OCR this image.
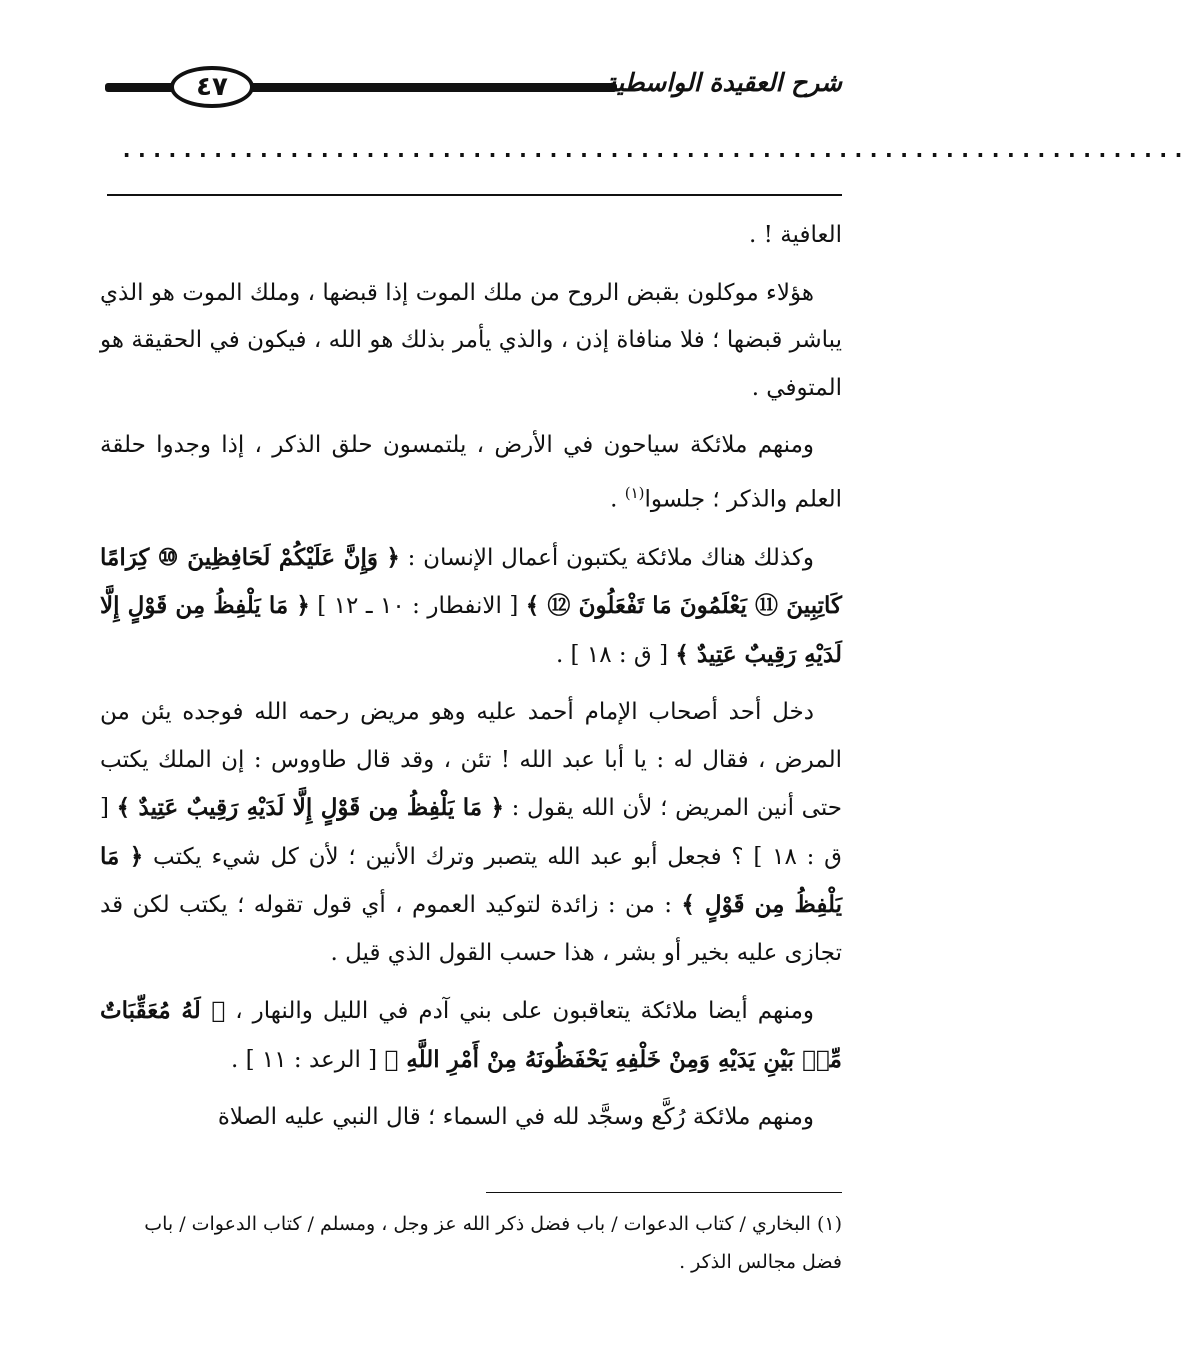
٤٧	شرح العقيدة الواسطية
......................................................................

العافية ! .

هؤلاء موكلون بقبض الروح من ملك الموت إذا قبضها ، وملك الموت هو الذي يباشر قبضها ؛ فلا منافاة إذن ، والذي يأمر بذلك هو الله ، فيكون في الحقيقة هو المتوفي .

ومنهم ملائكة سياحون في الأرض ، يلتمسون حلق الذكر ، إذا وجدوا حلقة العلم والذكر ؛ جلسوا$^{(١)}$ .

وكذلك هناك ملائكة يكتبون أعمال الإنسان : ﴿ وَإِنَّ عَلَيْكُمْ لَحَافِظِينَ ⑩ كِرَامًا كَاتِبِينَ ⑪ يَعْلَمُونَ مَا تَفْعَلُونَ ⑫ ﴾ [ الانفطار : ١٠ ـ ١٢ ] ﴿ مَا يَلْفِظُ مِن قَوْلٍ إِلَّا لَدَيْهِ رَقِيبٌ عَتِيدٌ ﴾ [ ق : ١٨ ] .

دخل أحد أصحاب الإمام أحمد عليه وهو مريض رحمه الله فوجده يئن من المرض ، فقال له : يا أبا عبد الله ! تئن ، وقد قال طاووس : إن الملك يكتب حتى أنين المريض ؛ لأن الله يقول : ﴿ مَا يَلْفِظُ مِن قَوْلٍ إِلَّا لَدَيْهِ رَقِيبٌ عَتِيدٌ ﴾ [ ق : ١٨ ] ؟ فجعل أبو عبد الله يتصبر وترك الأنين ؛ لأن كل شيء يكتب ﴿ مَا يَلْفِظُ مِن قَوْلٍ ﴾ : من : زائدة لتوكيد العموم ، أي قول تقوله ؛ يكتب لكن قد تجازى عليه بخير أو بشر ، هذا حسب القول الذي قيل .

ومنهم أيضا ملائكة يتعاقبون على بني آدم في الليل والنهار ، ﴿ لَهُ مُعَقِّبَاتٌ مِّنۢ بَيْنِ يَدَيْهِ وَمِنْ خَلْفِهِ يَحْفَظُونَهُ مِنْ أَمْرِ اللَّهِ ﴾ [ الرعد : ١١ ] .

ومنهم ملائكة رُكَّع وسجَّد لله في السماء ؛ قال النبي عليه الصلاة

(١) البخاري / كتاب الدعوات / باب فضل ذكر الله عز وجل ، ومسلم / كتاب الدعوات / باب فضل مجالس الذكر .
